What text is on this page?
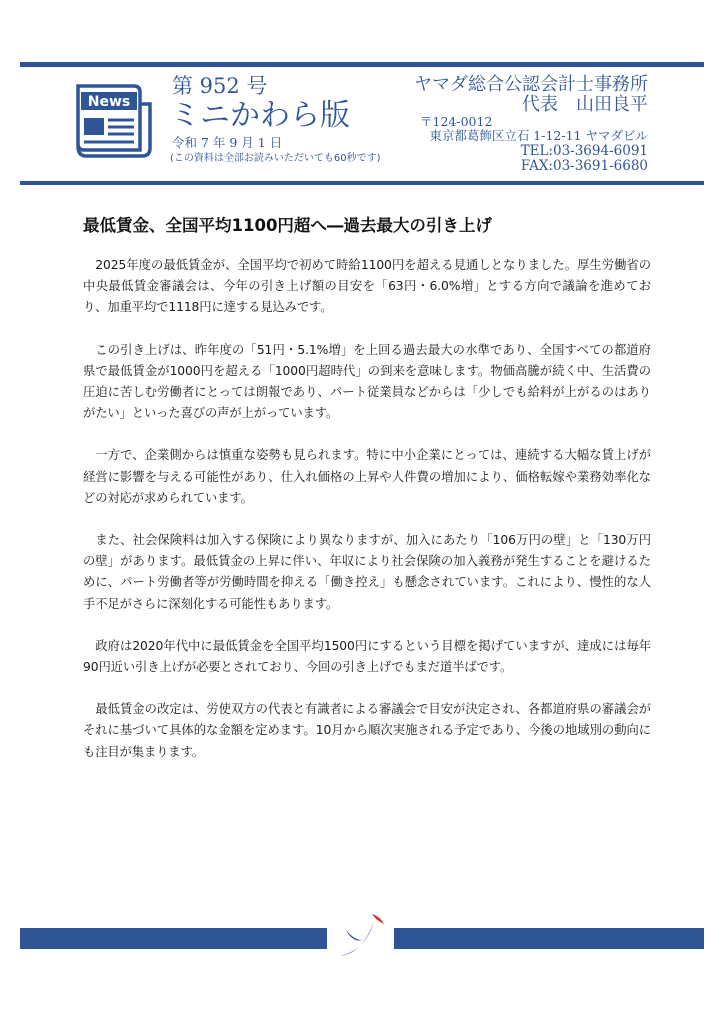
News
第 952 号
ミニかわら版
令和 7 年 9 月 1 日
(この資料は全部お読みいただいても60秒です)
ヤマダ総合公認会計士事務所
代表　山田良平
〒124-0012
東京都葛飾区立石 1-12-11 ヤマダビル
TEL:03-3694-6091
FAX:03-3691-6680
最低賃金、全国平均1100円超へ―過去最大の引き上げ

2025年度の最低賃金が、全国平均で初めて時給1100円を超える見通しとなりました。厚生労働省の中央最低賃金審議会は、今年の引き上げ額の目安を「63円・6.0%増」とする方向で議論を進めており、加重平均で1118円に達する見込みです。

この引き上げは、昨年度の「51円・5.1%増」を上回る過去最大の水準であり、全国すべての都道府県で最低賃金が1000円を超える「1000円超時代」の到来を意味します。物価高騰が続く中、生活費の圧迫に苦しむ労働者にとっては朗報であり、パート従業員などからは「少しでも給料が上がるのはありがたい」といった喜びの声が上がっています。

一方で、企業側からは慎重な姿勢も見られます。特に中小企業にとっては、連続する大幅な賃上げが経営に影響を与える可能性があり、仕入れ価格の上昇や人件費の増加により、価格転嫁や業務効率化などの対応が求められています。

また、社会保険料は加入する保険により異なりますが、加入にあたり「106万円の壁」と「130万円の壁」があります。最低賃金の上昇に伴い、年収により社会保険の加入義務が発生することを避けるために、パート労働者等が労働時間を抑える「働き控え」も懸念されています。これにより、慢性的な人手不足がさらに深刻化する可能性もあります。

政府は2020年代中に最低賃金を全国平均1500円にするという目標を掲げていますが、達成には毎年90円近い引き上げが必要とされており、今回の引き上げでもまだ道半ばです。

最低賃金の改定は、労使双方の代表と有識者による審議会で目安が決定され、各都道府県の審議会がそれに基づいて具体的な金額を定めます。10月から順次実施される予定であり、今後の地域別の動向にも注目が集まります。
